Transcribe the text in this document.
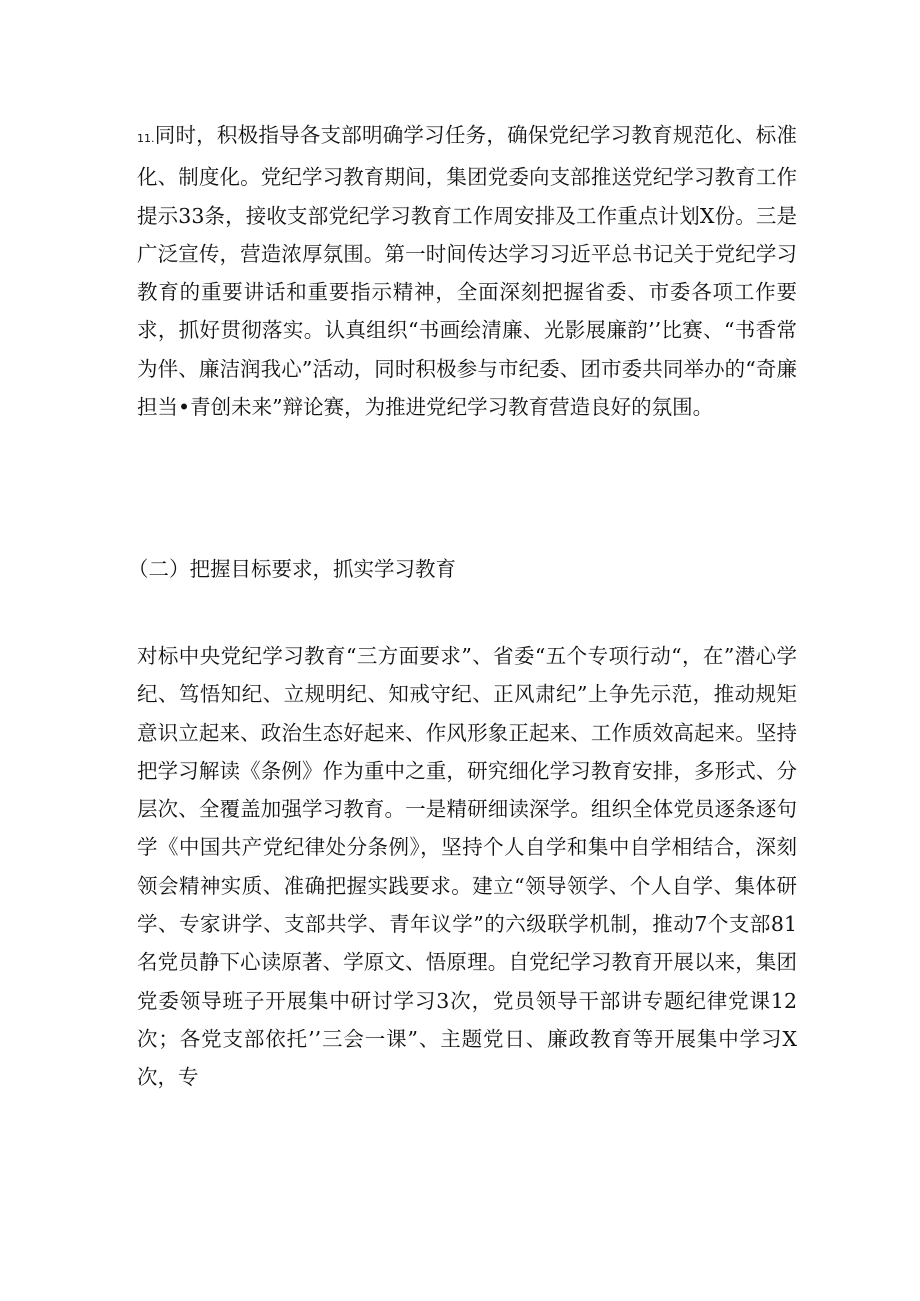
11.同时，积极指导各支部明确学习任务，确保党纪学习教育规范化、标准化、制度化。党纪学习教育期间，集团党委向支部推送党纪学习教育工作提示33条，接收支部党纪学习教育工作周安排及工作重点计划X份。三是广泛宣传，营造浓厚氛围。第一时间传达学习习近平总书记关于党纪学习教育的重要讲话和重要指示精神，全面深刻把握省委、市委各项工作要求，抓好贯彻落实。认真组织“书画绘清廉、光影展廉韵’’比赛、“书香常为伴、廉洁润我心”活动，同时积极参与市纪委、团市委共同举办的“奇廉担当•青创未来”辩论赛，为推进党纪学习教育营造良好的氛围。

（二）把握目标要求，抓实学习教育

对标中央党纪学习教育“三方面要求”、省委“五个专项行动“，在”潜心学纪、笃悟知纪、立规明纪、知戒守纪、正风肃纪”上争先示范，推动规矩意识立起来、政治生态好起来、作风形象正起来、工作质效高起来。坚持把学习解读《条例》作为重中之重，研究细化学习教育安排，多形式、分层次、全覆盖加强学习教育。一是精研细读深学。组织全体党员逐条逐句学《中国共产党纪律处分条例》，坚持个人自学和集中自学相结合，深刻领会精神实质、准确把握实践要求。建立“领导领学、个人自学、集体研学、专家讲学、支部共学、青年议学”的六级联学机制，推动7个支部81名党员静下心读原著、学原文、悟原理。自党纪学习教育开展以来，集团党委领导班子开展集中研讨学习3次，党员领导干部讲专题纪律党课12次；各党支部依托’’三会一课”、主题党日、廉政教育等开展集中学习X次，专
